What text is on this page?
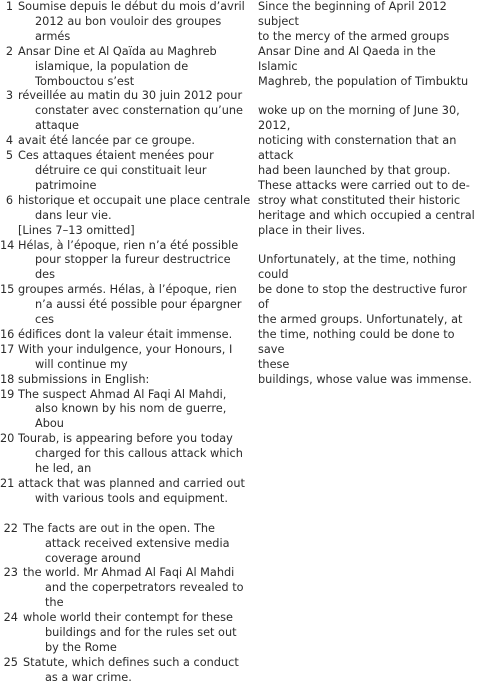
1 Soumise depuis le début du mois d’avril 2012 au bon vouloir des groupes armés
2 Ansar Dine et Al Qaïda au Maghreb islamique, la population de Tombouctou s’est
3 réveillée au matin du 30 juin 2012 pour constater avec consternation qu’une attaque
4 avait été lancée par ce groupe.
5 Ces attaques étaient menées pour détruire ce qui constituait leur patrimoine
6 historique et occupait une place centrale dans leur vie.
[Lines 7–13 omitted]
14 Hélas, à l’époque, rien n’a été possible pour stopper la fureur destructrice des
15 groupes armés. Hélas, à l’époque, rien n’a aussi été possible pour épargner ces
16 édifices dont la valeur était immense.
17 With your indulgence, your Honours, I will continue my
18 submissions in English:
19 The suspect Ahmad Al Faqi Al Mahdi, also known by his nom de guerre, Abou
20 Tourab, is appearing before you today charged for this callous attack which he led, an
21 attack that was planned and carried out with various tools and equipment.
22 The facts are out in the open. The attack received extensive media coverage around
23 the world. Mr Ahmad Al Faqi Al Mahdi and the coperpetrators revealed to the
24 whole world their contempt for these buildings and for the rules set out by the Rome
25 Statute, which defines such a conduct as a war crime.
Since the beginning of April 2012 subject
to the mercy of the armed groups
Ansar Dine and Al Qaeda in the Islamic
Maghreb, the population of Timbuktu
woke up on the morning of June 30, 2012,
noticing with consternation that an
attack
had been launched by that group.
These attacks were carried out to de-
stroy what constituted their historic
heritage and which occupied a central
place in their lives.
Unfortunately, at the time, nothing could
be done to stop the destructive furor of
the armed groups. Unfortunately, at
the time, nothing could be done to save
these
buildings, whose value was immense.
